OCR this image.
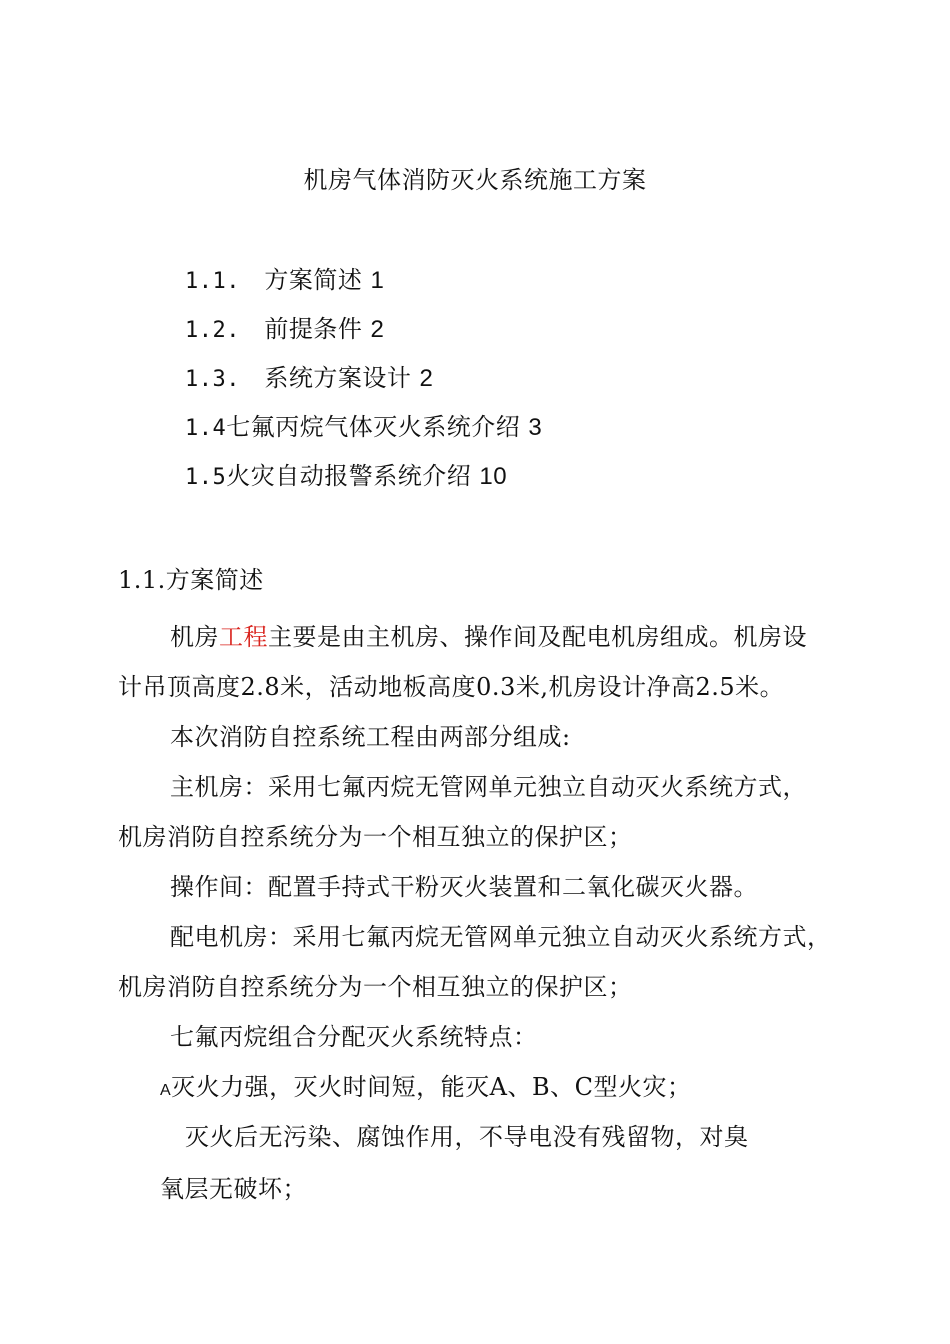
机房气体消防灭火系统施工方案
1.1. 方案简述 1
1.2. 前提条件 2
1.3. 系统方案设计 2
1.4七氟丙烷气体灭火系统介绍 3
1.5火灾自动报警系统介绍 10
1.1.方案简述
机房工程主要是由主机房、操作间及配电机房组成。机房设
计吊顶高度2.8米，活动地板高度0.3米,机房设计净高2.5米。
本次消防自控系统工程由两部分组成:
主机房：采用七氟丙烷无管网单元独立自动灭火系统方式，
机房消防自控系统分为一个相互独立的保护区；
操作间：配置手持式干粉灭火装置和二氧化碳灭火器。
配电机房：采用七氟丙烷无管网单元独立自动灭火系统方式，
机房消防自控系统分为一个相互独立的保护区；
七氟丙烷组合分配灭火系统特点：
A灭火力强，灭火时间短，能灭A、B、C型火灾；
灭火后无污染、腐蚀作用，不导电没有残留物，对臭
氧层无破坏；
